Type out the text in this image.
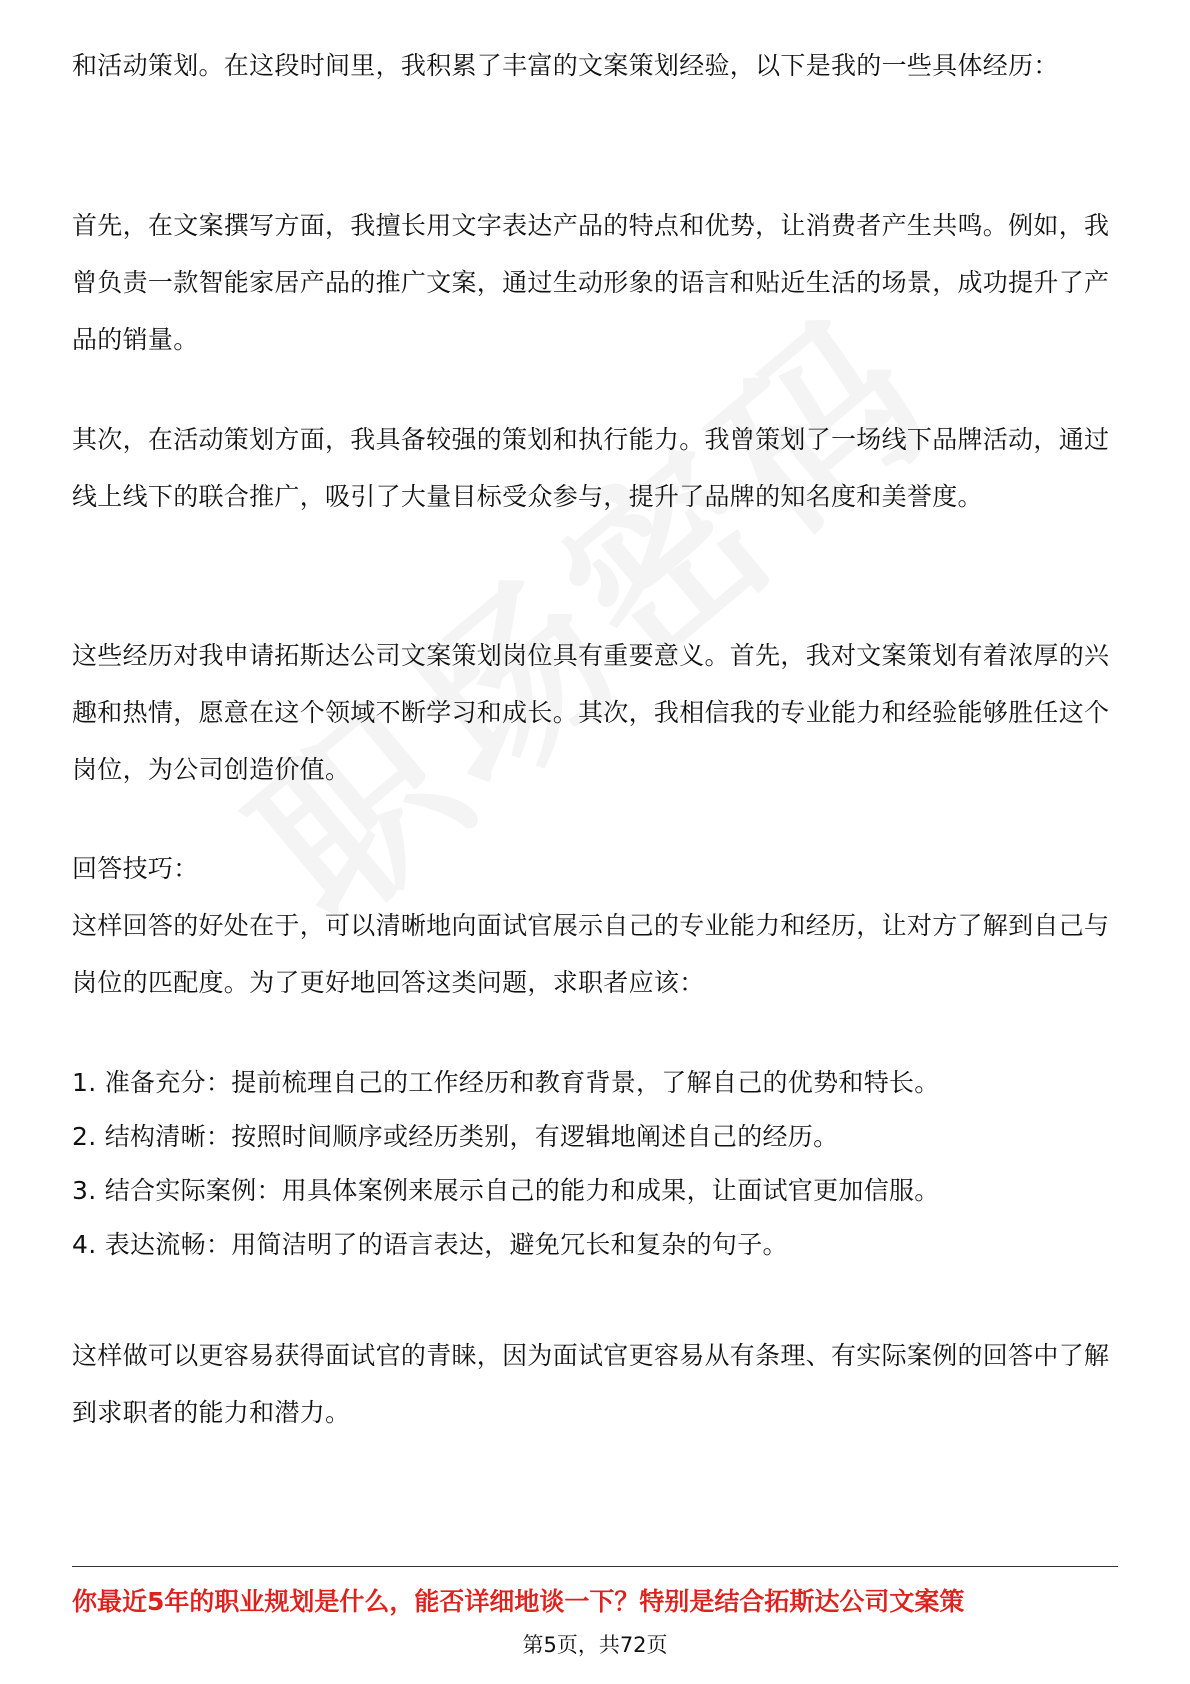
和活动策划。在这段时间里，我积累了丰富的文案策划经验，以下是我的一些具体经历：

首先，在文案撰写方面，我擅长用文字表达产品的特点和优势，让消费者产生共鸣。例如，我曾负责一款智能家居产品的推广文案，通过生动形象的语言和贴近生活的场景，成功提升了产品的销量。

其次，在活动策划方面，我具备较强的策划和执行能力。我曾策划了一场线下品牌活动，通过线上线下的联合推广，吸引了大量目标受众参与，提升了品牌的知名度和美誉度。

这些经历对我申请拓斯达公司文案策划岗位具有重要意义。首先，我对文案策划有着浓厚的兴趣和热情，愿意在这个领域不断学习和成长。其次，我相信我的专业能力和经验能够胜任这个岗位，为公司创造价值。

回答技巧：

这样回答的好处在于，可以清晰地向面试官展示自己的专业能力和经历，让对方了解到自己与岗位的匹配度。为了更好地回答这类问题，求职者应该：

1. 准备充分：提前梳理自己的工作经历和教育背景，了解自己的优势和特长。

2. 结构清晰：按照时间顺序或经历类别，有逻辑地阐述自己的经历。

3. 结合实际案例：用具体案例来展示自己的能力和成果，让面试官更加信服。

4. 表达流畅：用简洁明了的语言表达，避免冗长和复杂的句子。

这样做可以更容易获得面试官的青睐，因为面试官更容易从有条理、有实际案例的回答中了解到求职者的能力和潜力。

你最近5年的职业规划是什么，能否详细地谈一下？特别是结合拓斯达公司文案策
第5页，共72页
